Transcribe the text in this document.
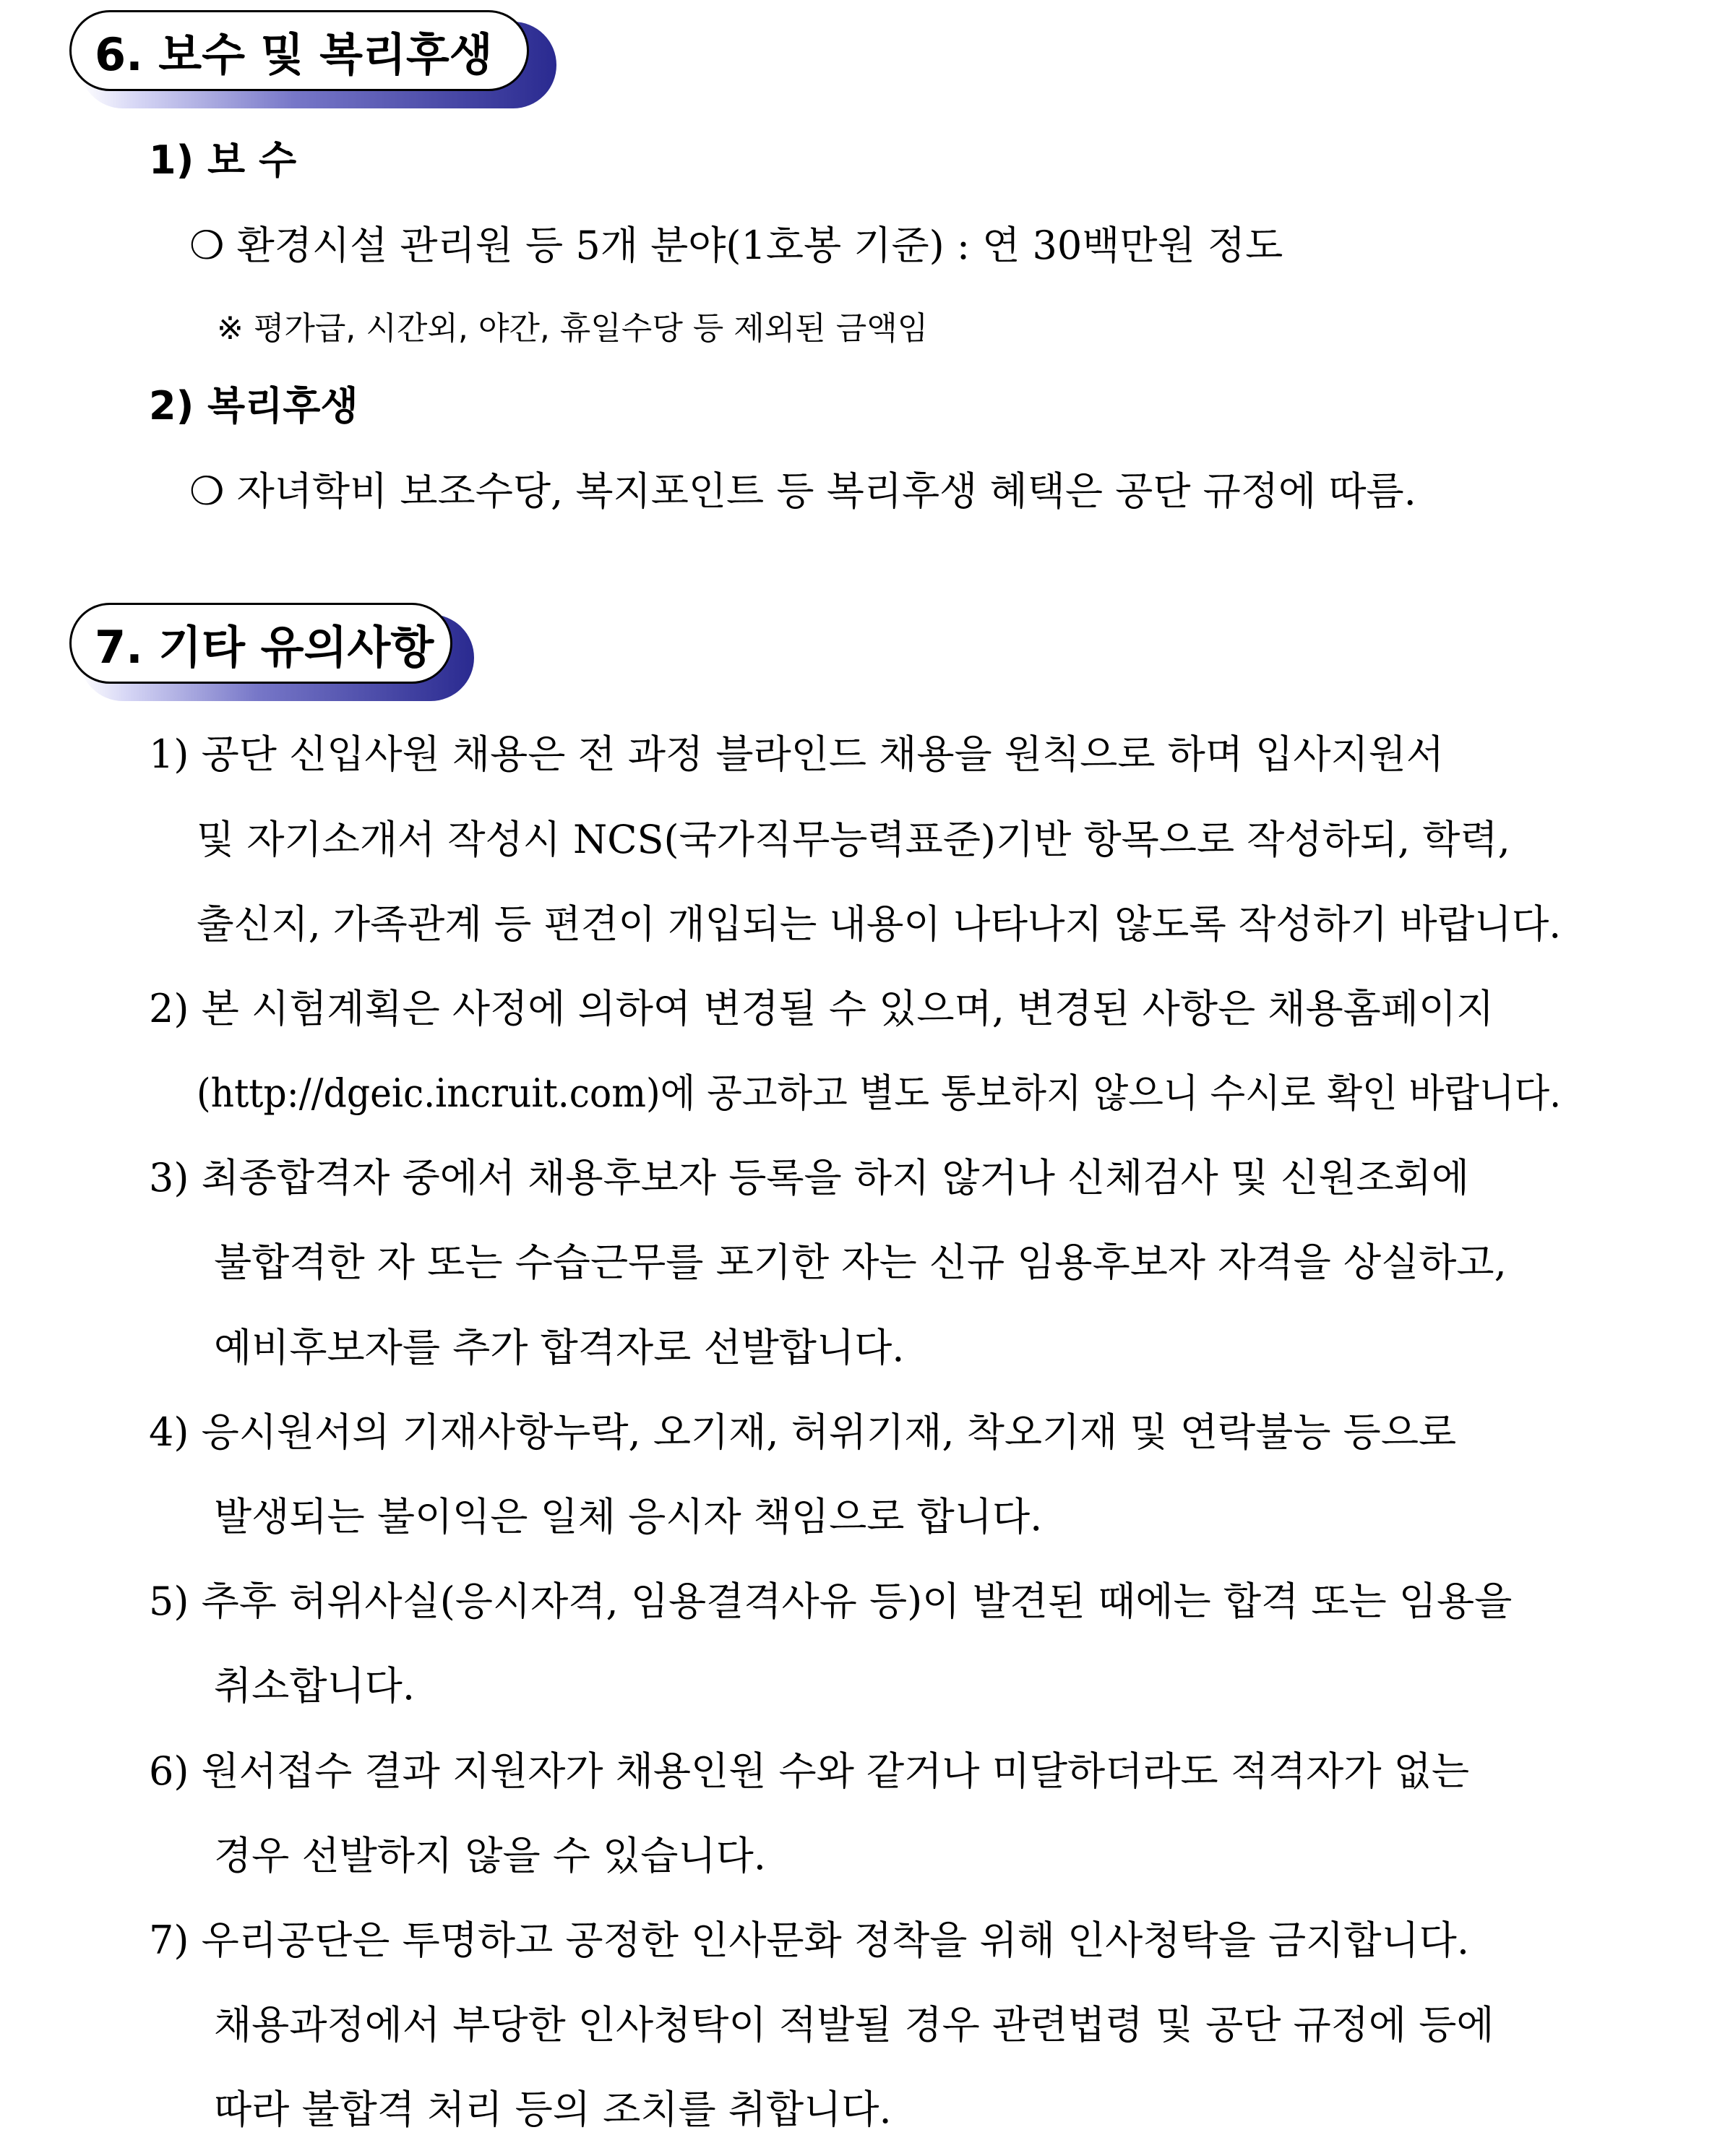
6. 보수 및 복리후생
1) 보 수
❍ 환경시설 관리원 등 5개 분야(1호봉 기준) : 연 30백만원 정도
※ 평가급, 시간외, 야간, 휴일수당 등 제외된 금액임
2) 복리후생
❍ 자녀학비 보조수당, 복지포인트 등 복리후생 혜택은 공단 규정에 따름.
7. 기타 유의사항
1) 공단 신입사원 채용은 전 과정 블라인드 채용을 원칙으로 하며 입사지원서
및 자기소개서 작성시 NCS(국가직무능력표준)기반 항목으로 작성하되, 학력,
출신지, 가족관계 등 편견이 개입되는 내용이 나타나지 않도록 작성하기 바랍니다.
2) 본 시험계획은 사정에 의하여 변경될 수 있으며, 변경된 사항은 채용홈페이지
(http://dgeic.incruit.com)에 공고하고 별도 통보하지 않으니 수시로 확인 바랍니다.
3) 최종합격자 중에서 채용후보자 등록을 하지 않거나 신체검사 및 신원조회에
불합격한 자 또는 수습근무를 포기한 자는 신규 임용후보자 자격을 상실하고,
예비후보자를 추가 합격자로 선발합니다.
4) 응시원서의 기재사항누락, 오기재, 허위기재, 착오기재 및 연락불능 등으로
발생되는 불이익은 일체 응시자 책임으로 합니다.
5) 추후 허위사실(응시자격, 임용결격사유 등)이 발견된 때에는 합격 또는 임용을
취소합니다.
6) 원서접수 결과 지원자가 채용인원 수와 같거나 미달하더라도 적격자가 없는
경우 선발하지 않을 수 있습니다.
7) 우리공단은 투명하고 공정한 인사문화 정착을 위해 인사청탁을 금지합니다.
채용과정에서 부당한 인사청탁이 적발될 경우 관련법령 및 공단 규정에 등에
따라 불합격 처리 등의 조치를 취합니다.
